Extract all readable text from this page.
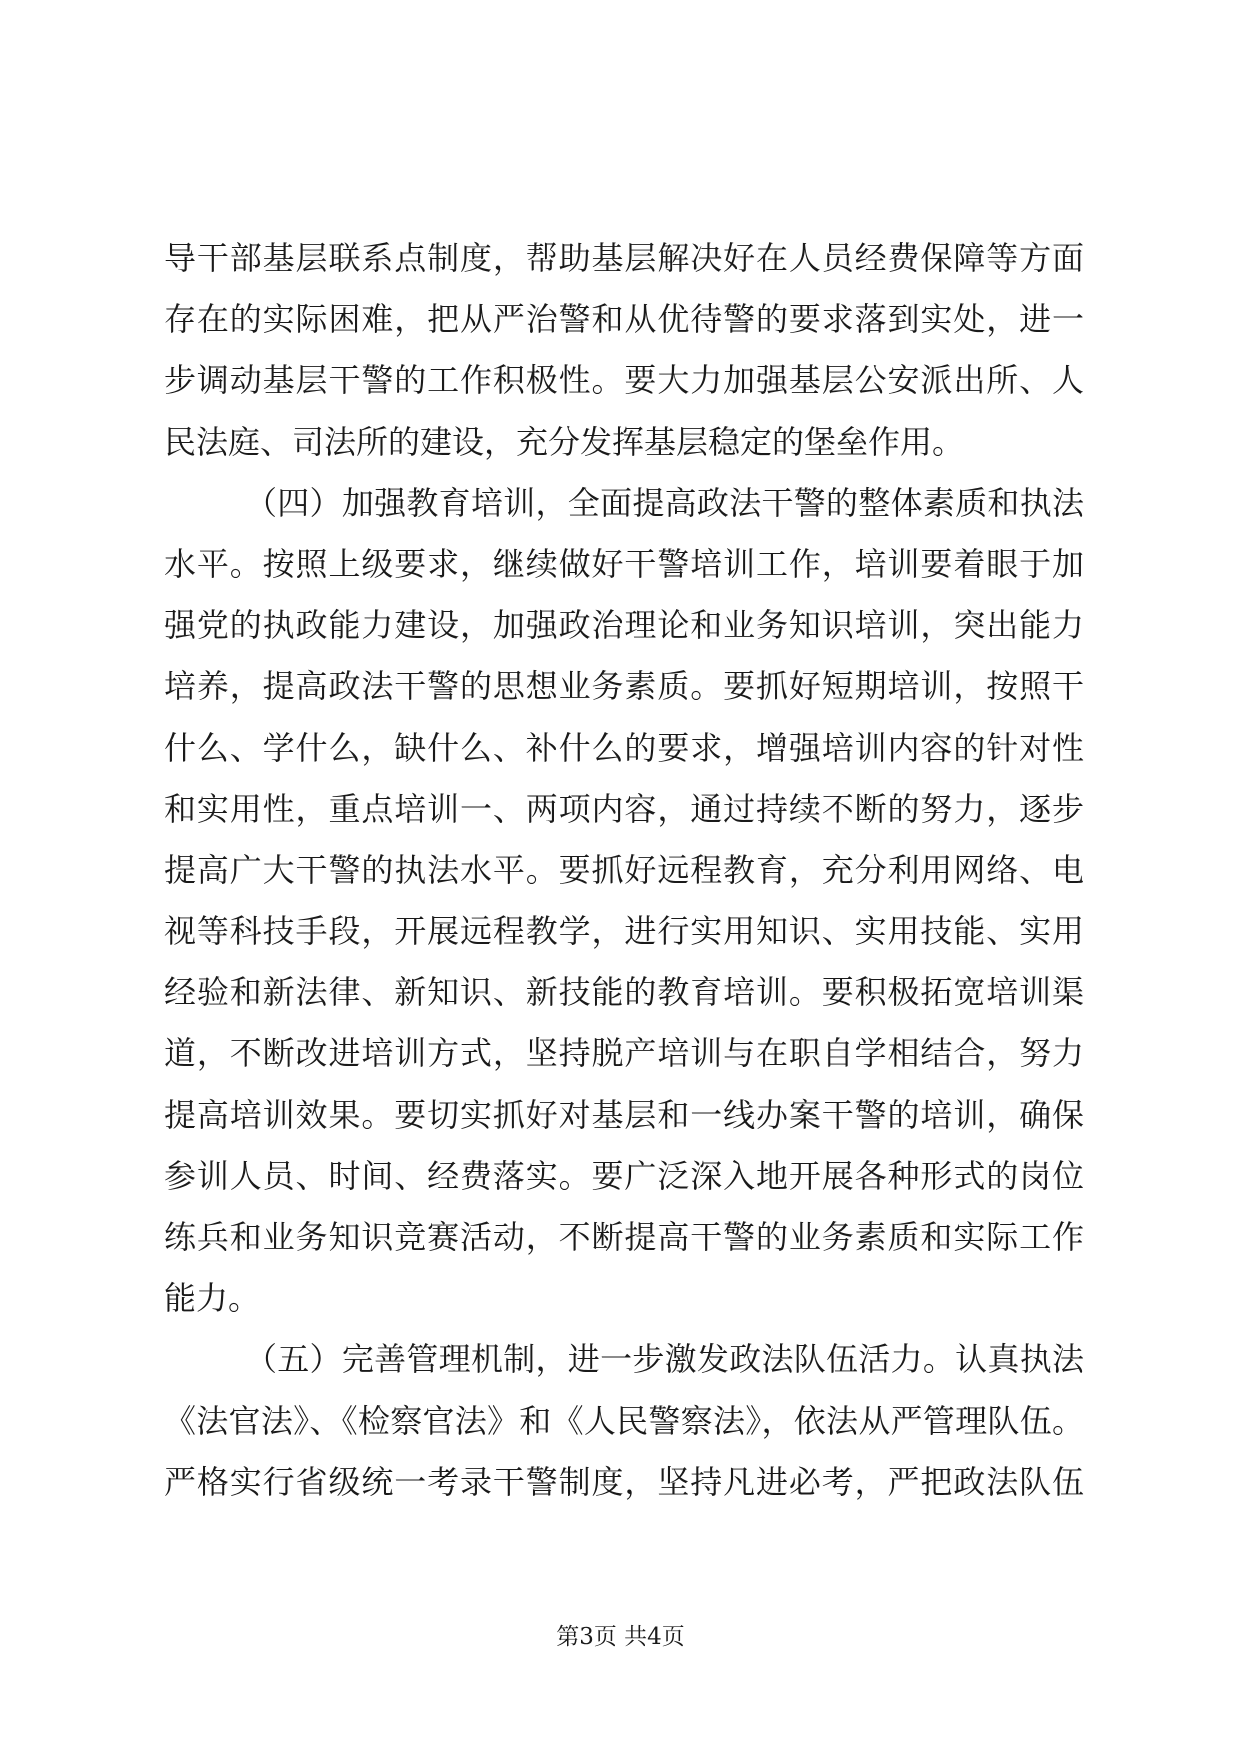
导干部基层联系点制度，帮助基层解决好在人员经费保障等方面
存在的实际困难，把从严治警和从优待警的要求落到实处，进一
步调动基层干警的工作积极性。要大力加强基层公安派出所、人
民法庭、司法所的建设，充分发挥基层稳定的堡垒作用。
（四）加强教育培训，全面提高政法干警的整体素质和执法
水平。按照上级要求，继续做好干警培训工作，培训要着眼于加
强党的执政能力建设，加强政治理论和业务知识培训，突出能力
培养，提高政法干警的思想业务素质。要抓好短期培训，按照干
什么、学什么，缺什么、补什么的要求，增强培训内容的针对性
和实用性，重点培训一、两项内容，通过持续不断的努力，逐步
提高广大干警的执法水平。要抓好远程教育，充分利用网络、电
视等科技手段，开展远程教学，进行实用知识、实用技能、实用
经验和新法律、新知识、新技能的教育培训。要积极拓宽培训渠
道，不断改进培训方式，坚持脱产培训与在职自学相结合，努力
提高培训效果。要切实抓好对基层和一线办案干警的培训，确保
参训人员、时间、经费落实。要广泛深入地开展各种形式的岗位
练兵和业务知识竞赛活动，不断提高干警的业务素质和实际工作
能力。
（五）完善管理机制，进一步激发政法队伍活力。认真执法
《法官法》、《检察官法》和《人民警察法》，依法从严管理队伍。
严格实行省级统一考录干警制度，坚持凡进必考，严把政法队伍
第3页 共4页
